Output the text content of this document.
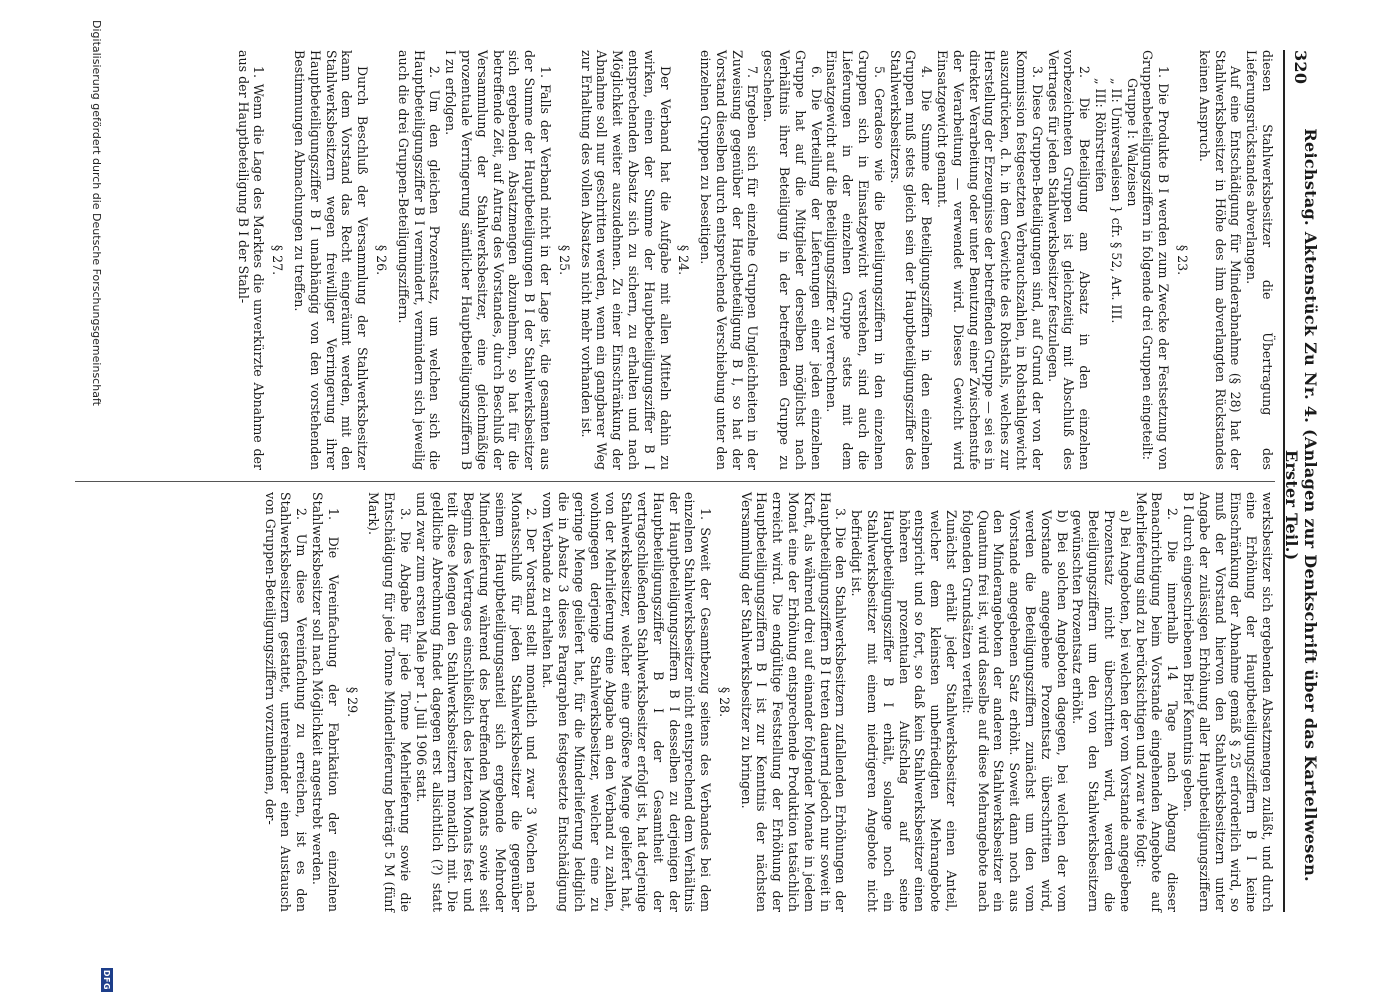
320
Reichstag. Aktenstück Zu Nr. 4. (Anlagen zur Denkschrift über das Kartellwesen. Erster Teil.)

diesen Stahlwerksbesitzer die Übertragung des Lieferungsrückstandes abverlangen.

Auf eine Entschädigung für Minderabnahme (§ 28) hat der Stahlwerksbesitzer in Höhe des ihm abverlangten Rückstandes keinen Anspruch.

§ 23.

1. Die Produkte B I werden zum Zwecke der Festsetzung von Gruppenbeteiligungsziffern in folgende drei Gruppen eingeteilt:

Gruppe I: Walzeisen

„ II: Universaleisen } cfr. § 52, Art. III.

„ III: Röhrstreifen

2. Die Beteiligung am Absatz in den einzelnen vorbezeichneten Gruppen ist gleichzeitig mit Abschluß des Vertrages für jeden Stahlwerksbesitzer festzulegen.

3. Diese Gruppen-Beteiligungen sind, auf Grund der von der Kommission festgesetzten Verbrauchszahlen, in Rohstahlgewicht auszudrücken, d. h. in dem Gewichte des Rohstahls, welches zur Herstellung der Erzeugnisse der betreffenden Gruppe — sei es in direkter Verarbeitung oder unter Benutzung einer Zwischenstufe der Verarbeitung — verwendet wird. Dieses Gewicht wird Einsatzgewicht genannt.

4. Die Summe der Beteiligungsziffern in den einzelnen Gruppen muß stets gleich sein der Hauptbeteiligungsziffer des Stahlwerksbesitzers.

5. Geradeso wie die Beteiligungsziffern in den einzelnen Gruppen sich in Einsatzgewicht verstehen, sind auch die Lieferungen in der einzelnen Gruppe stets mit dem Einsatzgewicht auf die Beteiligungsziffer zu verrechnen.

6. Die Verteilung der Lieferungen einer jeden einzelnen Gruppe hat auf die Mitglieder derselben möglichst nach Verhältnis ihrer Beteiligung in der betreffenden Gruppe zu geschehen.

7. Ergeben sich für einzelne Gruppen Ungleichheiten in der Zuweisung gegenüber der Hauptbeteiligung B I, so hat der Vorstand dieselben durch entsprechende Verschiebung unter den einzelnen Gruppen zu beseitigen.

§ 24.

Der Verband hat die Aufgabe mit allen Mitteln dahin zu wirken, einen der Summe der Hauptbeteiligungsziffer B I entsprechenden Absatz sich zu sichern, zu erhalten und nach Möglichkeit weiter auszudehnen. Zu einer Einschränkung der Abnahme soll nur geschritten werden, wenn ein gangbarer Weg zur Erhaltung des vollen Absatzes nicht mehr vorhanden ist.

§ 25.

1. Falls der Verband nicht in der Lage ist, die gesamten aus der Summe der Hauptbeteiligungen B I der Stahlwerksbesitzer sich ergebenden Absatzmengen abzunehmen, so hat für die betreffende Zeit, auf Antrag des Vorstandes, durch Beschluß der Versammlung der Stahlwerksbesitzer, eine gleichmäßige prozentuale Verringerung sämtlicher Hauptbeteiligungsziffern B I zu erfolgen.

2. Um den gleichen Prozentsatz, um welchen sich die Hauptbeteiligungsziffer B I vermindert, vermindern sich jeweilig auch die drei Gruppen-Beteiligungsziffern.

§ 26.

Durch Beschluß der Versammlung der Stahlwerksbesitzer kann dem Vorstand das Recht eingeräumt werden, mit den Stahlwerksbesitzern wegen freiwilliger Verringerung ihrer Hauptbeteiligungsziffer B I unabhängig von den vorstehenden Bestimmungen Abmachungen zu treffen.

§ 27.

1. Wenn die Lage des Marktes die unverkürzte Abnahme der aus der Hauptbeteiligung B I der Stahl-

werksbesitzer sich ergebenden Absatzmengen zuläßt, und durch eine Erhöhung der Hauptbeteiligungsziffern B I keine Einschränkung der Abnahme gemäß § 25 erforderlich wird, so muß der Vorstand hiervon den Stahlwerksbesitzern unter Angabe der zulässigen Erhöhung aller Hauptbeteiligungsziffern B I durch eingeschriebenen Brief Kenntnis geben.

2. Die innerhalb 14 Tage nach Abgang dieser Benachrichtigung beim Vorstande eingehenden Angebote auf Mehrlieferung sind zu berücksichtigen und zwar wie folgt:

a) Bei Angeboten, bei welchen der vom Vorstande angegebene Prozentsatz nicht überschritten wird, werden die Beteiligungsziffern um den von den Stahlwerksbesitzern gewünschten Prozentsatz erhöht.

b) Bei solchen Angeboten dagegen, bei welchen der vom Vorstande angegebene Prozentsatz überschritten wird, werden die Beteiligungsziffern zunächst um den vom Vorstande angegebenen Satz erhöht. Soweit dann noch aus den Minderangeboten der anderen Stahlwerksbesitzer ein Quantum frei ist, wird dasselbe auf diese Mehrangebote nach folgenden Grundsätzen verteilt:

Zunächst erhält jeder Stahlwerksbesitzer einen Anteil, welcher dem kleinsten unbefriedigten Mehrangebote entspricht und so fort, so daß kein Stahlwerksbesitzer einen höheren prozentualen Aufschlag auf seine Hauptbeteiligungsziffer B I erhält, solange noch ein Stahlwerksbesitzer mit einem niedrigeren Angebote nicht befriedigt ist.

3. Die den Stahlwerksbesitzern zufallenden Erhöhungen der Hauptbeteiligungsziffern B I treten dauernd jedoch nur soweit in Kraft, als während drei auf einander folgender Monate in jedem Monat eine der Erhöhung entsprechende Produktion tatsächlich erreicht wird. Die endgültige Feststellung der Erhöhung der Hauptbeteiligungsziffern B I ist zur Kenntnis der nächsten Versammlung der Stahlwerksbesitzer zu bringen.

§ 28.

1. Soweit der Gesamtbezug seitens des Verbandes bei dem einzelnen Stahlwerksbesitzer nicht entsprechend dem Verhältnis der Hauptbeteiligungsziffern B I desselben zu derjenigen der Hauptbeteiligungsziffer B I der Gesamtheit der vertragschließenden Stahlwerksbesitzer erfolgt ist, hat derjenige Stahlwerksbesitzer, welcher eine größere Menge geliefert hat, von der Mehrlieferung eine Abgabe an den Verband zu zahlen, wohingegen derjenige Stahlwerksbesitzer, welcher eine zu geringe Menge geliefert hat, für die Minderlieferung lediglich die in Absatz 3 dieses Paragraphen festgesetzte Entschädigung vom Verbande zu erhalten hat.

2. Der Vorstand stellt monatlich und zwar 3 Wochen nach Monatsschluß für jeden Stahlwerksbesitzer die gegenüber seinem Hauptbeteiligungsanteil sich ergebende Mehroder Minderlieferung während des betreffenden Monats sowie seit Beginn des Vertrages einschließlich des letzten Monats fest und teilt diese Mengen den Stahlwerksbesitzern monatlich mit. Die geldliche Abrechnung findet dagegen erst allsichtlich (?) statt und zwar zum ersten Male per 1. Juli 1906 statt.

3. Die Abgabe für jede Tonne Mehrlieferung sowie die Entschädigung für jede Tonne Minderlieferung beträgt 5 M (fünf Mark).

§ 29.

1. Die Vereinfachung der Fabrikation der einzelnen Stahlwerksbesitzer soll nach Möglichkeit angestrebt werden.

2. Um diese Vereinfachung zu erreichen, ist es den Stahlwerksbesitzern gestattet, untereinander einen Austausch von Gruppen-Beteiligungsziffern vorzunehmen, der-

Digitalisierung gefördert durch die Deutsche Forschungsgemeinschaft
DFG
